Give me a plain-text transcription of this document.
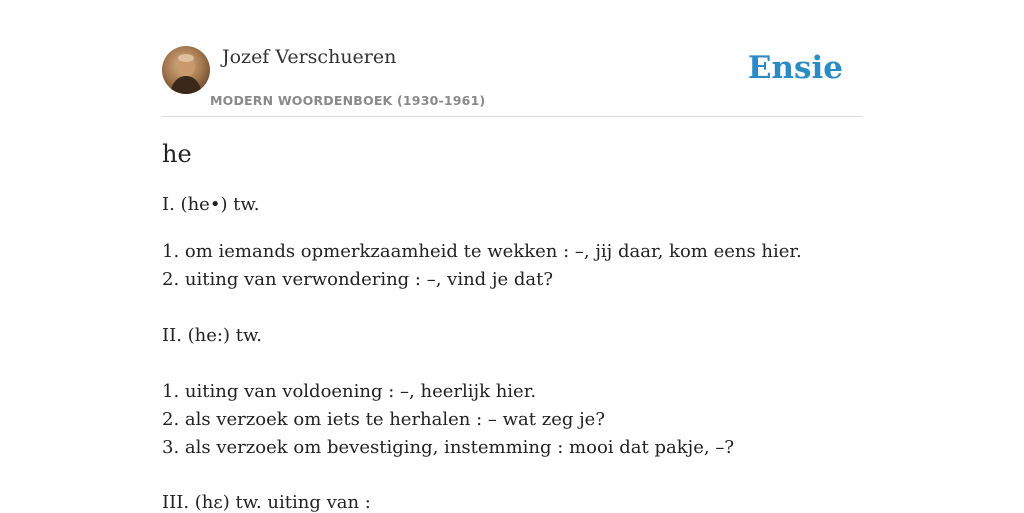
Jozef Verschueren
MODERN WOORDENBOEK (1930-1961)
Ensie
he
I. (he•) tw.
1. om iemands opmerkzaamheid te wekken : –, jij daar, kom eens hier.
2. uiting van verwondering : –, vind je dat?
II. (he:) tw.
1. uiting van voldoening : –, heerlijk hier.
2. als verzoek om iets te herhalen : – wat zeg je?
3. als verzoek om bevestiging, instemming : mooi dat pakje, –?
III. (hɛ) tw. uiting van :
